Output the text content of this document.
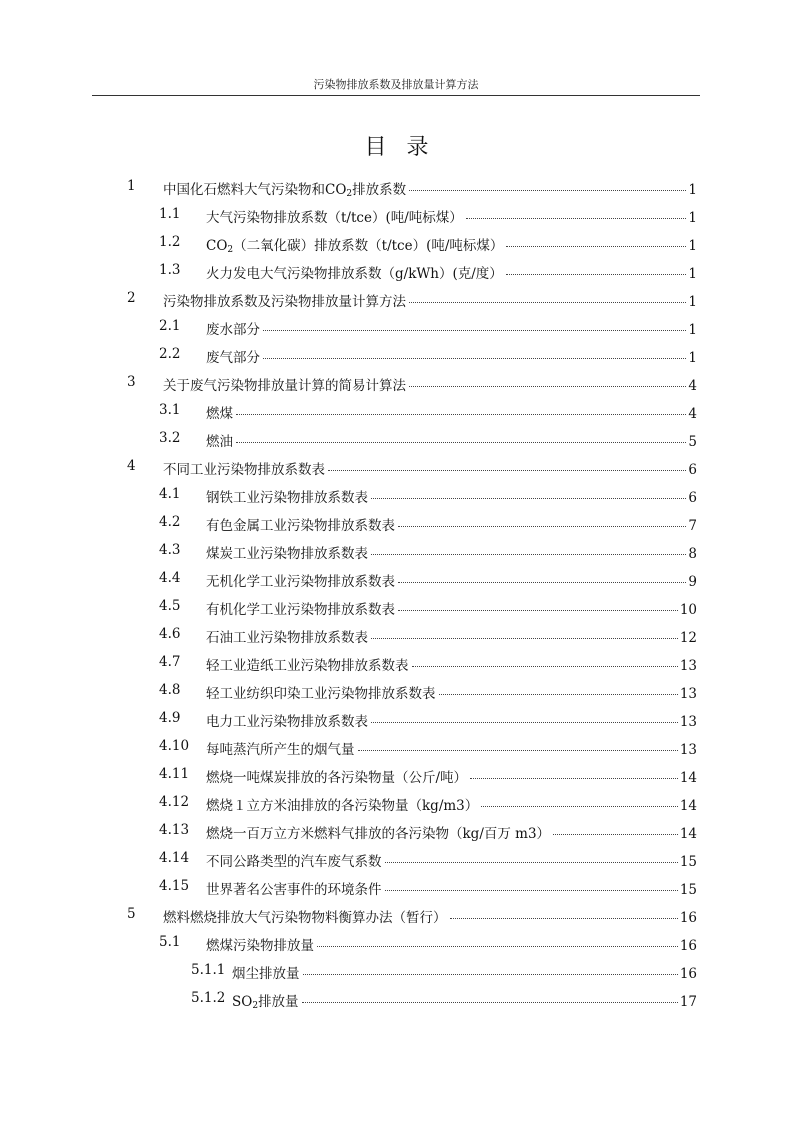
污染物排放系数及排放量计算方法
目录
1 中国化石燃料大气污染物和$CO_2$排放系数	1
1.1 大气污染物排放系数（t/tce）(吨/吨标煤）	1
1.2 $CO_2$（二氧化碳）排放系数（t/tce）(吨/吨标煤）	1
1.3 火力发电大气污染物排放系数（g/kWh）(克/度）	1
2 污染物排放系数及污染物排放量计算方法	1
2.1 废水部分	1
2.2 废气部分	1
3 关于废气污染物排放量计算的简易计算法	4
3.1 燃煤	4
3.2 燃油	5
4 不同工业污染物排放系数表	6
4.1 钢铁工业污染物排放系数表	6
4.2 有色金属工业污染物排放系数表	7
4.3 煤炭工业污染物排放系数表	8
4.4 无机化学工业污染物排放系数表	9
4.5 有机化学工业污染物排放系数表	10
4.6 石油工业污染物排放系数表	12
4.7 轻工业造纸工业污染物排放系数表	13
4.8 轻工业纺织印染工业污染物排放系数表	13
4.9 电力工业污染物排放系数表	13
4.10 每吨蒸汽所产生的烟气量	13
4.11 燃烧一吨煤炭排放的各污染物量（公斤/吨）	14
4.12 燃烧１立方米油排放的各污染物量（kg/m3）	14
4.13 燃烧一百万立方米燃料气排放的各污染物（kg/百万 m3）	14
4.14 不同公路类型的汽车废气系数	15
4.15 世界著名公害事件的环境条件	15
5 燃料燃烧排放大气污染物物料衡算办法（暂行）	16
5.1 燃煤污染物排放量	16
5.1.1 烟尘排放量	16
5.1.2 $SO_2$排放量	17
